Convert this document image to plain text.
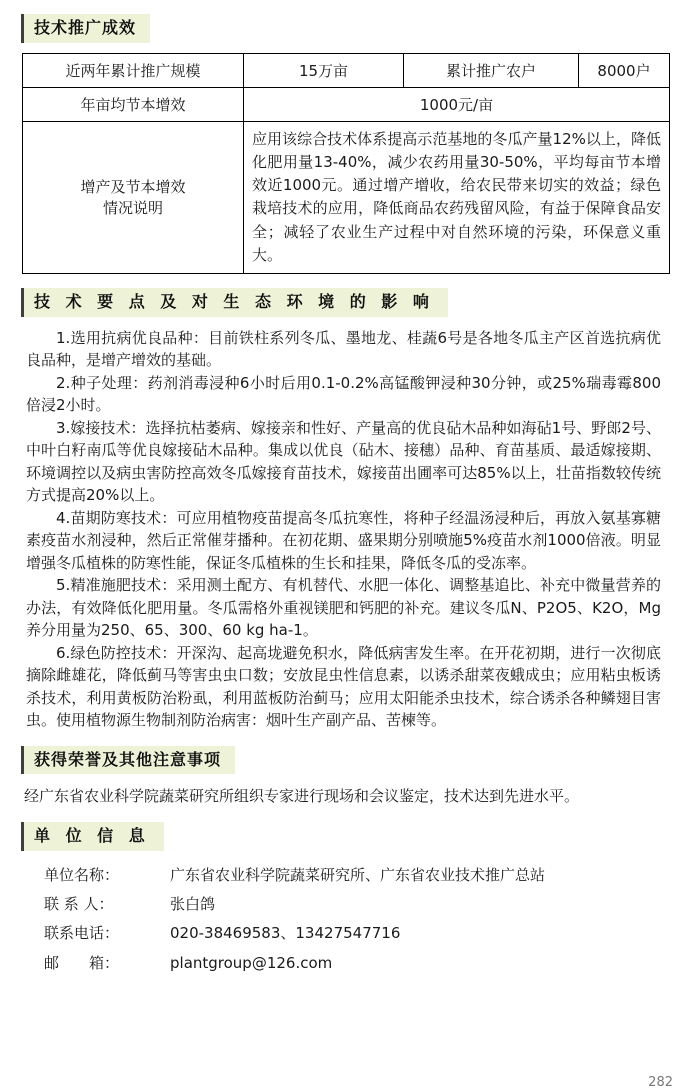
技术推广成效
近两年累计推广规模	15万亩	累计推广农户	8000户
年亩均节本增效	1000元/亩		

增产及节本增效
情况说明	应用该综合技术体系提高示范基地的冬瓜产量12%以上，降低化肥用量13-40%，减少农药用量30-50%，平均每亩节本增效近1000元。通过增产增收，给农民带来切实的效益；绿色栽培技术的应用，降低商品农药残留风险，有益于保障食品安全；减轻了农业生产过程中对自然环境的污染，环保意义重大。		
技 术 要 点 及 对 生 态 环 境 的 影 响

1.选用抗病优良品种：目前铁柱系列冬瓜、墨地龙、桂蔬6号是各地冬瓜主产区首选抗病优良品种，是增产增效的基础。

2.种子处理：药剂消毒浸种6小时后用0.1-0.2%高锰酸钾浸种30分钟，或25%瑞毒霉800倍浸2小时。

3.嫁接技术：选择抗枯萎病、嫁接亲和性好、产量高的优良砧木品种如海砧1号、野郎2号、中叶白籽南瓜等优良嫁接砧木品种。集成以优良（砧木、接穗）品种、育苗基质、最适嫁接期、环境调控以及病虫害防控高效冬瓜嫁接育苗技术，嫁接苗出圃率可达85%以上，壮苗指数较传统方式提高20%以上。

4.苗期防寒技术：可应用植物疫苗提高冬瓜抗寒性，将种子经温汤浸种后，再放入氨基寡糖素疫苗水剂浸种，然后正常催芽播种。在初花期、盛果期分别喷施5%疫苗水剂1000倍液。明显增强冬瓜植株的防寒性能，保证冬瓜植株的生长和挂果，降低冬瓜的受冻率。

5.精准施肥技术：采用测土配方、有机替代、水肥一体化、调整基追比、补充中微量营养的办法，有效降低化肥用量。冬瓜需格外重视镁肥和钙肥的补充。建议冬瓜N、P2O5、K2O，Mg养分用量为250、65、300、60 kg ha-1。

6.绿色防控技术：开深沟、起高垅避免积水，降低病害发生率。在开花初期，进行一次彻底摘除雌雄花，降低蓟马等害虫虫口数；安放昆虫性信息素，以诱杀甜菜夜蛾成虫；应用粘虫板诱杀技术，利用黄板防治粉虱，利用蓝板防治蓟马；应用太阳能杀虫技术，综合诱杀各种鳞翅目害虫。使用植物源生物制剂防治病害：烟叶生产副产品、苦楝等。

获得荣誉及其他注意事项
经广东省农业科学院蔬菜研究所组织专家进行现场和会议鉴定，技术达到先进水平。
单 位 信 息
单位名称：	广东省农业科学院蔬菜研究所、广东省农业技术推广总站
联 系 人：	张白鸽
联系电话：	020-38469583、13427547716
邮　　箱：	plantgroup@126.com
282
